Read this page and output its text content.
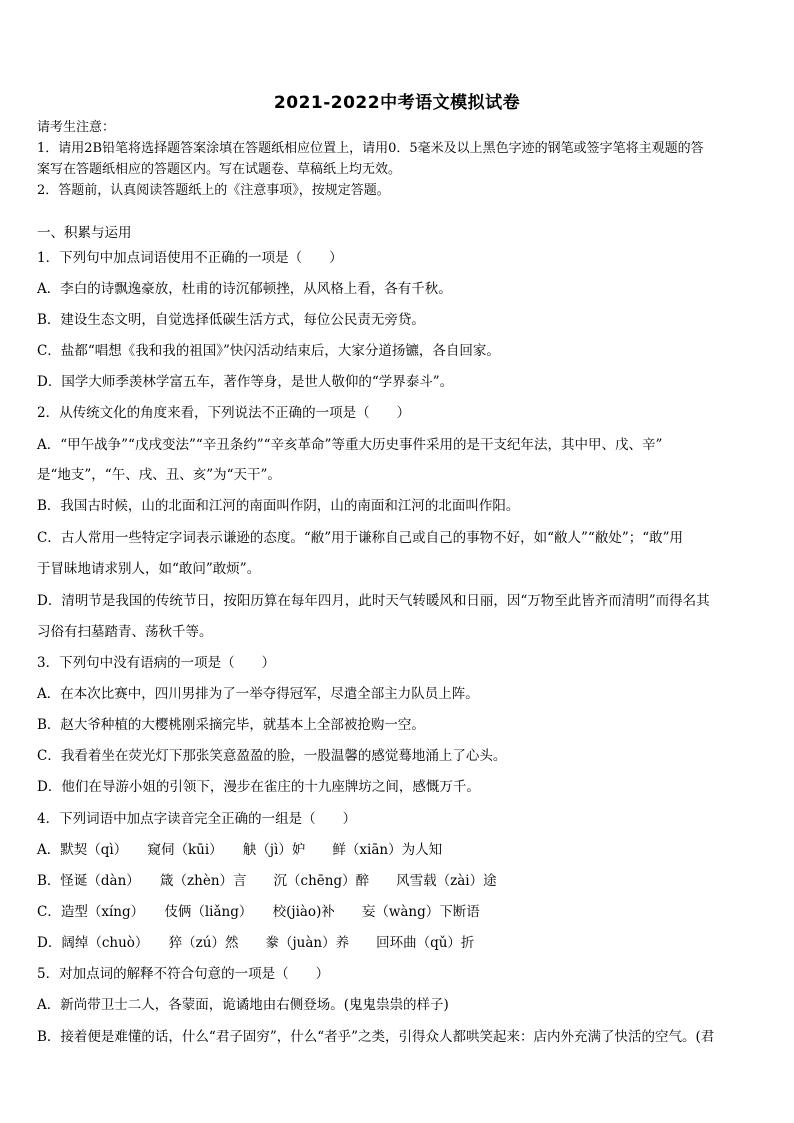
2021-2022中考语文模拟试卷
请考生注意：
1．请用2B铅笔将选择题答案涂填在答题纸相应位置上，请用0．5毫米及以上黑色字迹的钢笔或签字笔将主观题的答
案写在答题纸相应的答题区内。写在试题卷、草稿纸上均无效。
2．答题前，认真阅读答题纸上的《注意事项》，按规定答题。
一、积累与运用
1．下列句中加点词语使用不正确的一项是（　　）
A．李白的诗飘逸豪放，杜甫的诗沉郁顿挫，从风格上看，各有千秋。
B．建设生态文明，自觉选择低碳生活方式，每位公民责无旁贷。
C．盐都“唱想《我和我的祖国》”快闪活动结束后，大家分道扬镳，各自回家。
D．国学大师季羡林学富五车，著作等身，是世人敬仰的“学界泰斗”。
2．从传统文化的角度来看，下列说法不正确的一项是（　　）
A．“甲午战争”“戊戌变法”“辛丑条约”“辛亥革命”等重大历史事件采用的是干支纪年法，其中甲、戊、辛”
是“地支”，“午、戌、丑、亥”为“天干”。
B．我国古时候，山的北面和江河的南面叫作阴，山的南面和江河的北面叫作阳。
C．古人常用一些特定字词表示谦逊的态度。“敝”用于谦称自己或自己的事物不好，如“敝人”“敝处”；“敢”用
于冒昧地请求别人，如“敢问”敢烦”。
D．清明节是我国的传统节日，按阳历算在每年四月，此时天气转暖风和日丽，因“万物至此皆齐而清明”而得名其
习俗有扫墓踏青、荡秋千等。
3．下列句中没有语病的一项是（　　）
A．在本次比赛中，四川男排为了一举夺得冠军，尽遣全部主力队员上阵。
B．赵大爷种植的大樱桃刚采摘完毕，就基本上全部被抢购一空。
C．我看着坐在荧光灯下那张笑意盈盈的脸，一股温馨的感觉蓦地涌上了心头。
D．他们在导游小姐的引领下，漫步在雀庄的十九座牌坊之间，感慨万千。
4．下列词语中加点字读音完全正确的一组是（　　）
A．默契（qì）　　窥伺（kūi）　　觖（jì）妒　　鲜（xiān）为人知
B．怪诞（dàn）　　箴（zhèn）言　　沉（chēng）醉　　风雪载（zài）途
C．造型（xíng）　　伎俩（liǎng）　　校(jiào)补　　妄（wàng）下断语
D．阔绰（chuò）　　猝（zú）然　　豢（juàn）养　　回环曲（qǔ）折
5．对加点词的解释不符合句意的一项是（　　）
A．新尚带卫士二人，各蒙面，诡谲地由右侧登场。(鬼鬼祟祟的样子)
B．接着便是难懂的话，什么“君子固穷”，什么“者乎”之类，引得众人都哄笑起来：店内外充满了快活的空气。(君
